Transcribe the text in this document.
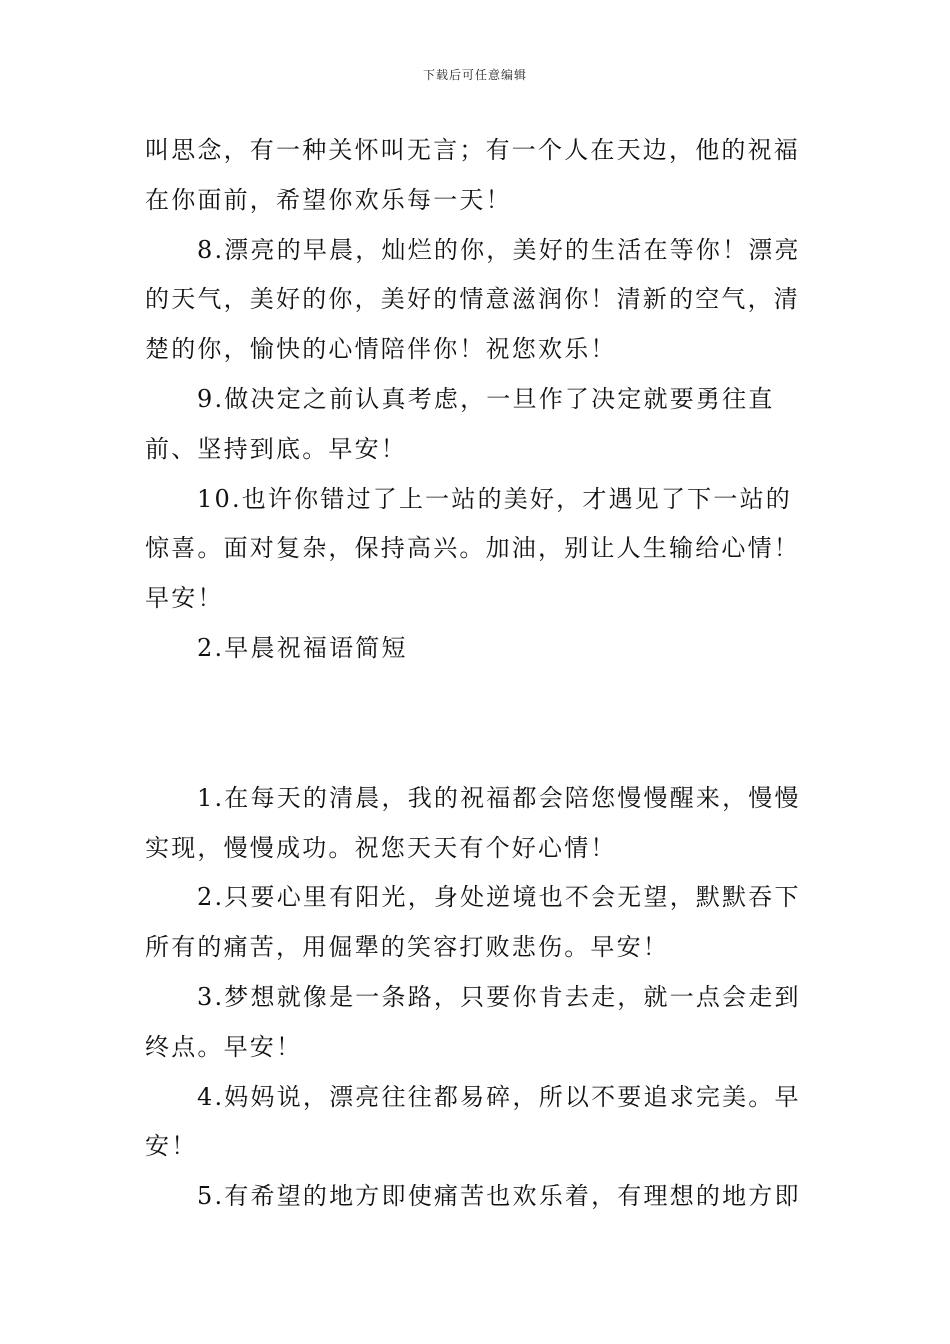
下载后可任意编辑

叫思念，有一种关怀叫无言；有一个人在天边，他的祝福在你面前，希望你欢乐每一天！

8.漂亮的早晨，灿烂的你，美好的生活在等你！漂亮的天气，美好的你，美好的情意滋润你！清新的空气，清楚的你，愉快的心情陪伴你！祝您欢乐！

9.做决定之前认真考虑，一旦作了决定就要勇往直前、坚持到底。早安！

10.也许你错过了上一站的美好，才遇见了下一站的惊喜。面对复杂，保持高兴。加油，别让人生输给心情！早安！

2.早晨祝福语简短

1.在每天的清晨，我的祝福都会陪您慢慢醒来，慢慢实现，慢慢成功。祝您天天有个好心情！

2.只要心里有阳光，身处逆境也不会无望，默默吞下所有的痛苦，用倔犟的笑容打败悲伤。早安！

3.梦想就像是一条路，只要你肯去走，就一点会走到终点。早安！

4.妈妈说，漂亮往往都易碎，所以不要追求完美。早安！

5.有希望的地方即使痛苦也欢乐着，有理想的地方即
